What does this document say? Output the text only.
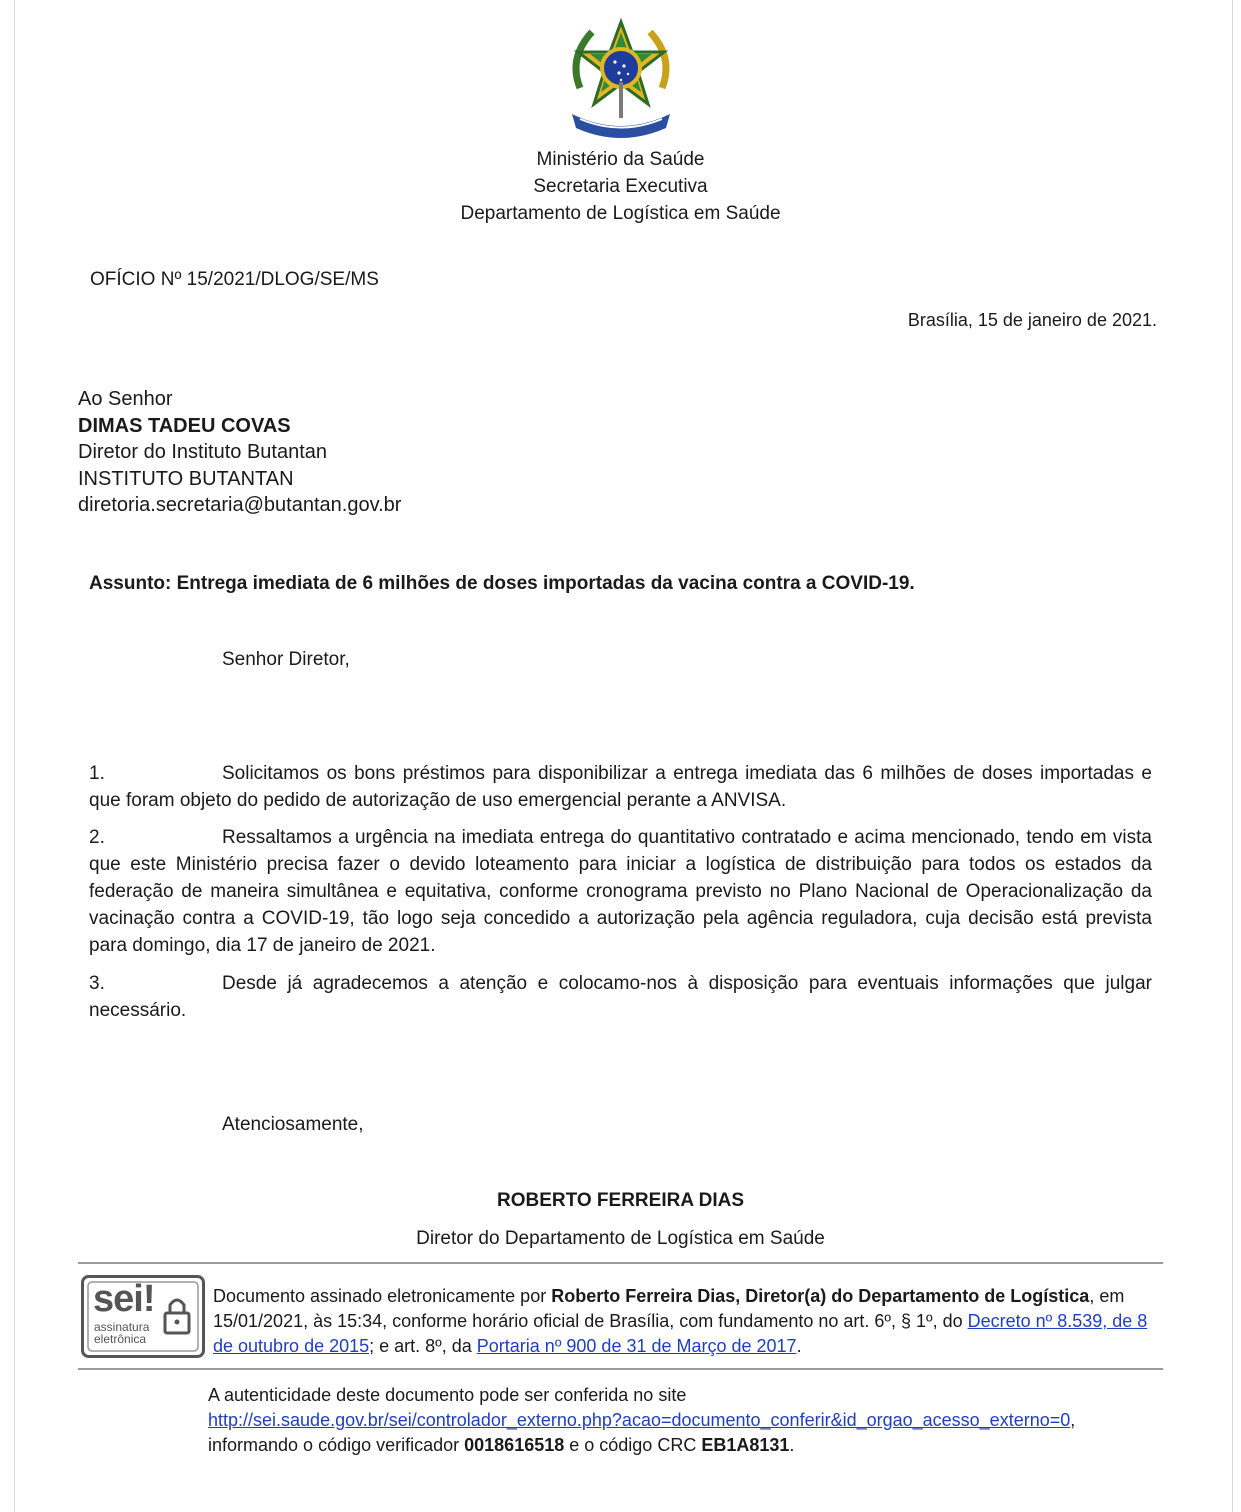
Ministério da Saúde
Secretaria Executiva
Departamento de Logística em Saúde
OFÍCIO Nº 15/2021/DLOG/SE/MS
Brasília, 15 de janeiro de 2021.
Ao Senhor
DIMAS TADEU COVAS
Diretor do Instituto Butantan
INSTITUTO BUTANTAN
diretoria.secretaria@butantan.gov.br
Assunto: Entrega imediata de 6 milhões de doses importadas da vacina contra a COVID-19.
Senhor Diretor,

1.	Solicitamos os bons préstimos para disponibilizar a entrega imediata das 6 milhões de doses importadas e que foram objeto do pedido de autorização de uso emergencial perante a ANVISA.

2.	Ressaltamos a urgência na imediata entrega do quantitativo contratado e acima mencionado, tendo em vista que este Ministério precisa fazer o devido loteamento para iniciar a logística de distribuição para todos os estados da federação de maneira simultânea e equitativa, conforme cronograma previsto no Plano Nacional de Operacionalização da vacinação contra a COVID-19, tão logo seja concedido a autorização pela agência reguladora, cuja decisão está prevista para domingo, dia 17 de janeiro de 2021.

3.	Desde já agradecemos a atenção e colocamo-nos à disposição para eventuais informações que julgar necessário.

Atenciosamente,
ROBERTO FERREIRA DIAS
Diretor do Departamento de Logística em Saúde
sei!
assinatura
eletrônica
Documento assinado eletronicamente por Roberto Ferreira Dias, Diretor(a) do Departamento de Logística, em 15/01/2021, às 15:34, conforme horário oficial de Brasília, com fundamento no art. 6º, § 1º, do Decreto nº 8.539, de 8 de outubro de 2015; e art. 8º, da Portaria nº 900 de 31 de Março de 2017.
A autenticidade deste documento pode ser conferida no site
http://sei.saude.gov.br/sei/controlador_externo.php?acao=documento_conferir&id_orgao_acesso_externo=0,
informando o código verificador 0018616518 e o código CRC EB1A8131.
